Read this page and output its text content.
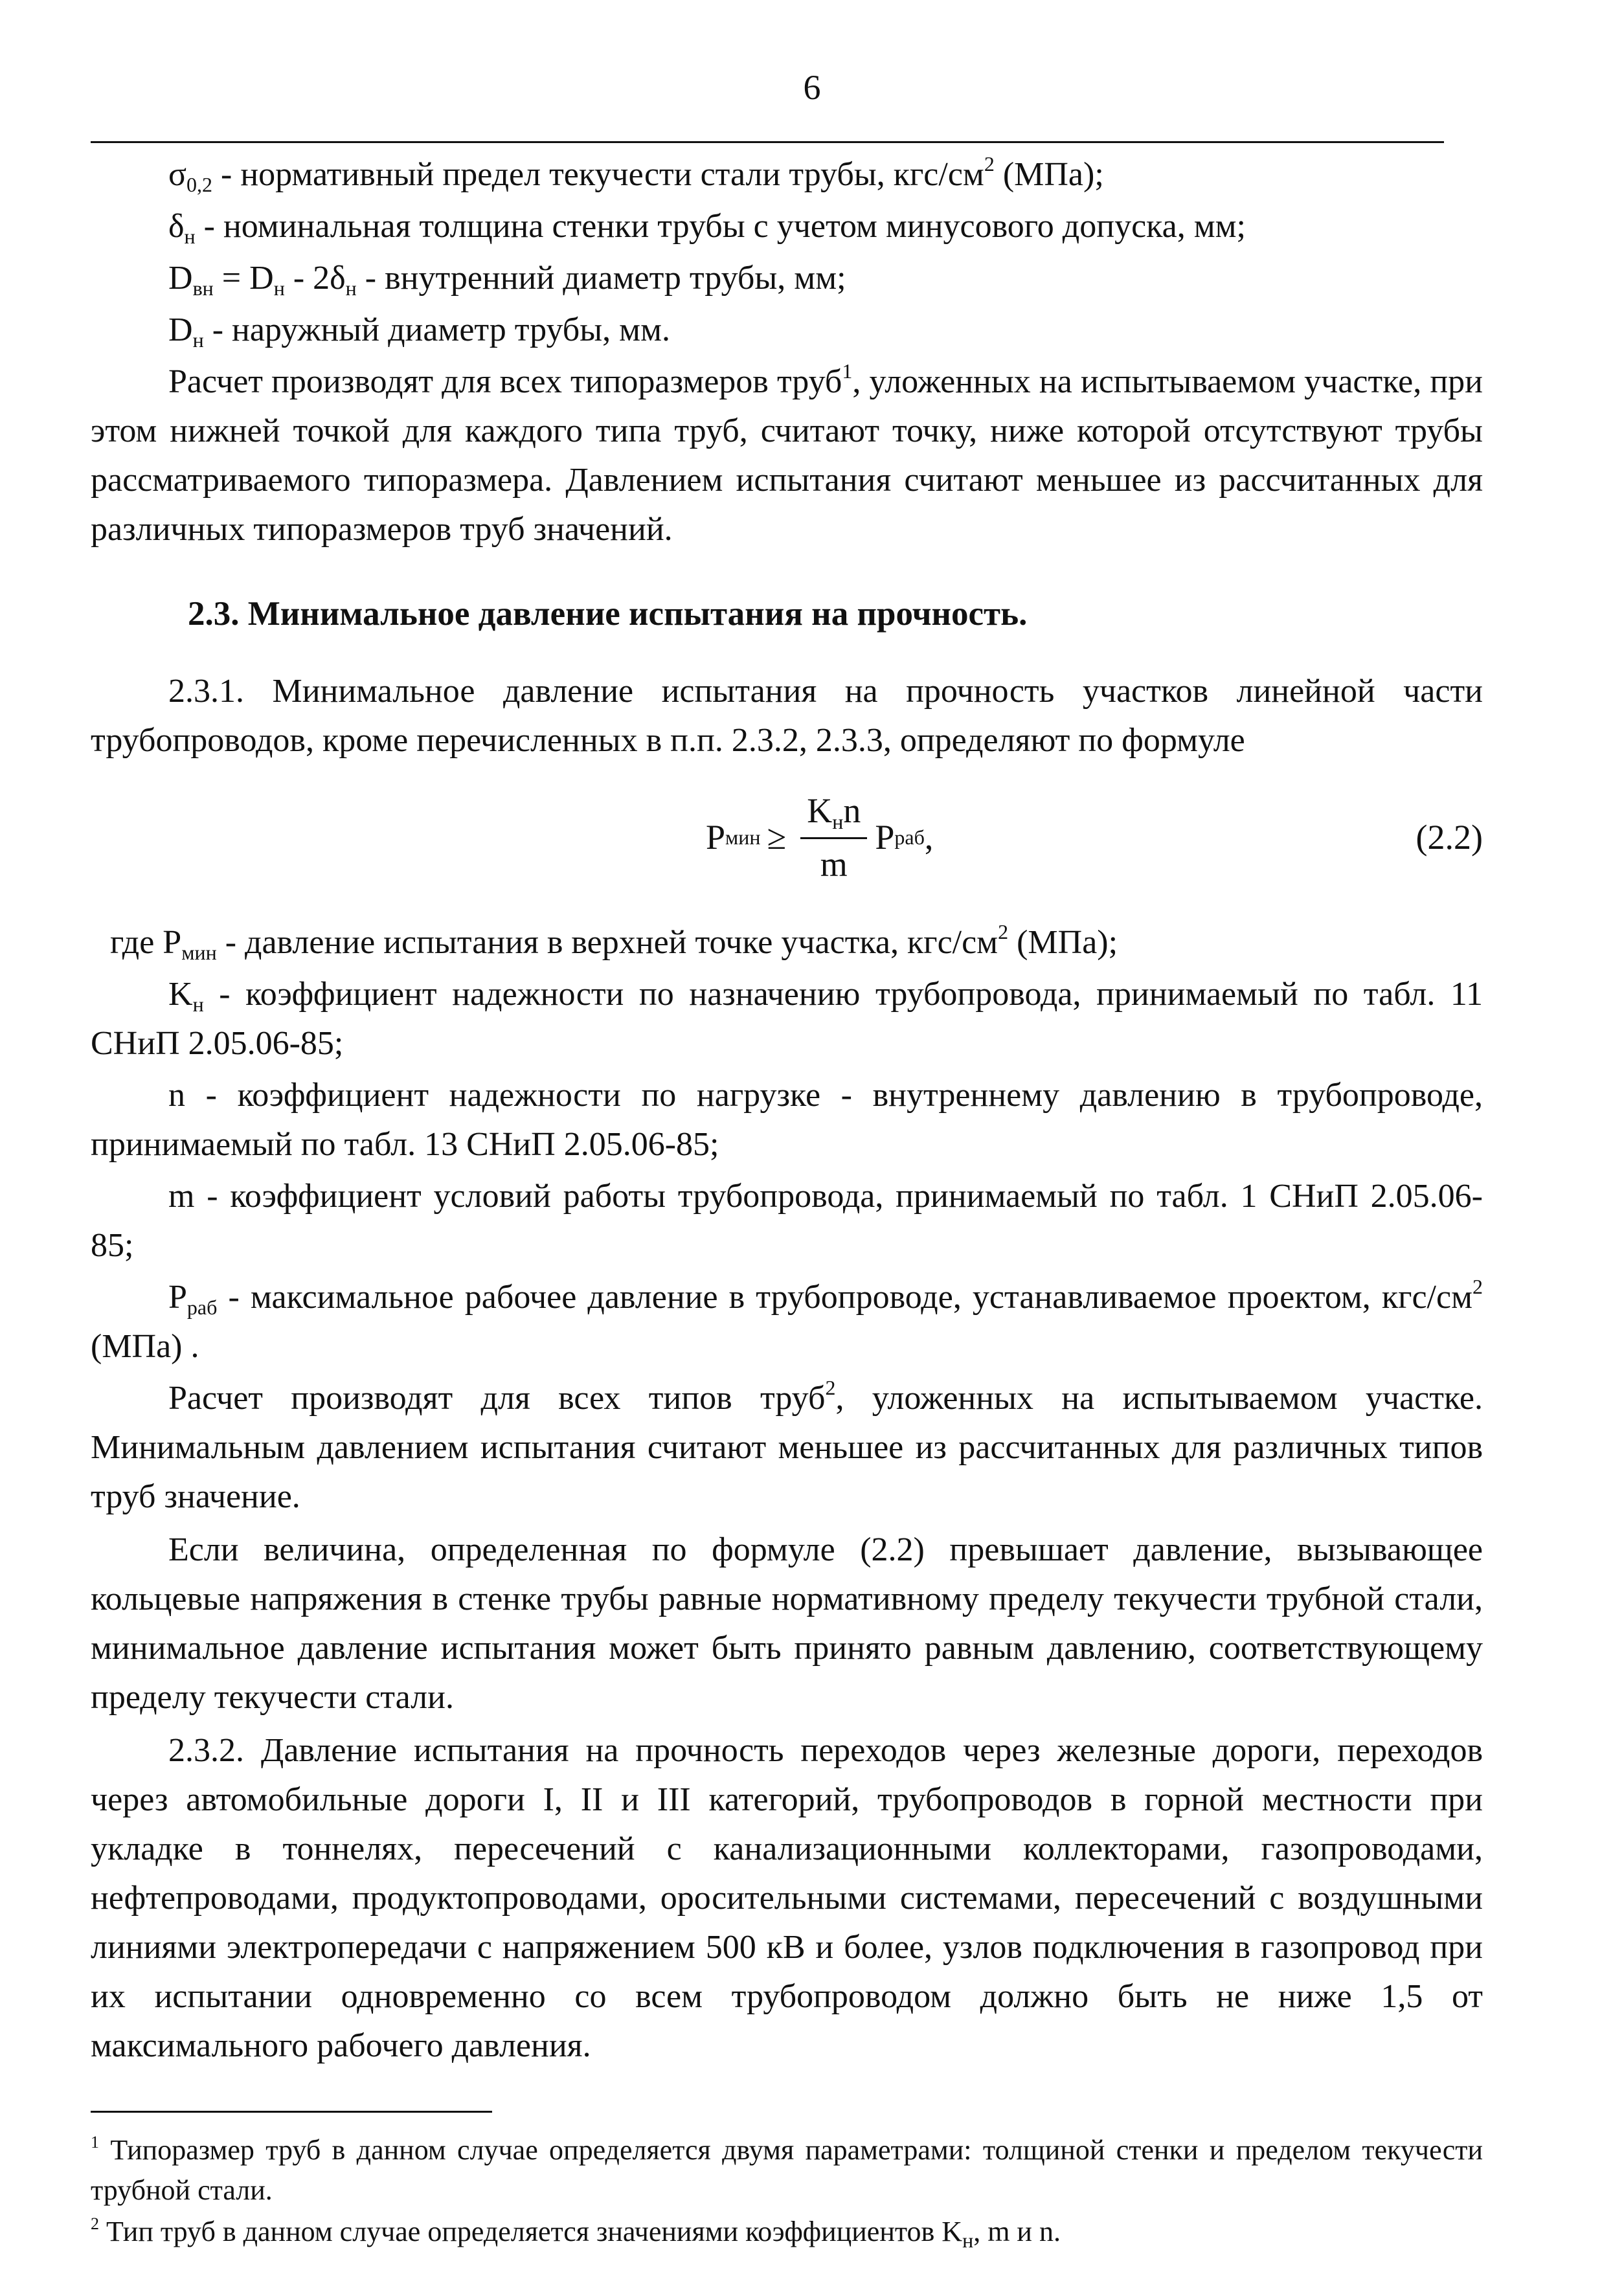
6

$\sigma_{0,2}$ - нормативный предел текучести стали трубы, кгс/$см^2$ (МПа);

$\delta_н$ - номинальная толщина стенки трубы с учетом минусового допуска, мм;

$D_{вн} = D_н - 2\delta_н$ - внутренний диаметр трубы, мм;

$D_н$ - наружный диаметр трубы, мм.

Расчет производят для всех типоразмеров труб$^1$, уложенных на испытываемом участке, при этом нижней точкой для каждого типа труб, считают точку, ниже которой отсутствуют трубы рассматриваемого типоразмера. Давлением испытания считают меньшее из рассчитанных для различных типоразмеров труб значений.

2.3. Минимальное давление испытания на прочность.

2.3.1. Минимальное давление испытания на прочность участков линейной части трубопроводов, кроме перечисленных в п.п. 2.3.2, 2.3.3, определяют по формуле

P мин ≥ $\frac{K_нn}{m}$ P раб ,	(2.2)

где $P_{мин}$ - давление испытания в верхней точке участка, кгс/$см^2$ (МПа);

$K_н$ - коэффициент надежности по назначению трубопровода, принимаемый по табл. 11 СНиП 2.05.06-85;

n - коэффициент надежности по нагрузке - внутреннему давлению в трубопроводе, принимаемый по табл. 13 СНиП 2.05.06-85;

m - коэффициент условий работы трубопровода, принимаемый по табл. 1 СНиП 2.05.06-85;

$P_{раб}$ - максимальное рабочее давление в трубопроводе, устанавливаемое проектом, кгс/$см^2$ (МПа) .

Расчет производят для всех типов труб$^2$, уложенных на испытываемом участке. Минимальным давлением испытания считают меньшее из рассчитанных для различных типов труб значение.

Если величина, определенная по формуле (2.2) превышает давление, вызывающее кольцевые напряжения в стенке трубы равные нормативному пределу текучести трубной стали, минимальное давление испытания может быть принято равным давлению, соответствующему пределу текучести стали.

2.3.2. Давление испытания на прочность переходов через железные дороги, переходов через автомобильные дороги I, II и III категорий, трубопроводов в горной местности при укладке в тоннелях, пересечений с канализационными коллекторами, газопроводами, нефтепроводами, продуктопроводами, оросительными системами, пересечений с воздушными линиями электропередачи с напряжением 500 кВ и более, узлов подключения в газопровод при их испытании одновременно со всем трубопроводом должно быть не ниже 1,5 от максимального рабочего давления.

$^1$ Типоразмер труб в данном случае определяется двумя параметрами: толщиной стенки и пределом текучести трубной стали.

$^2$ Тип труб в данном случае определяется значениями коэффициентов $K_н$, m и n.
